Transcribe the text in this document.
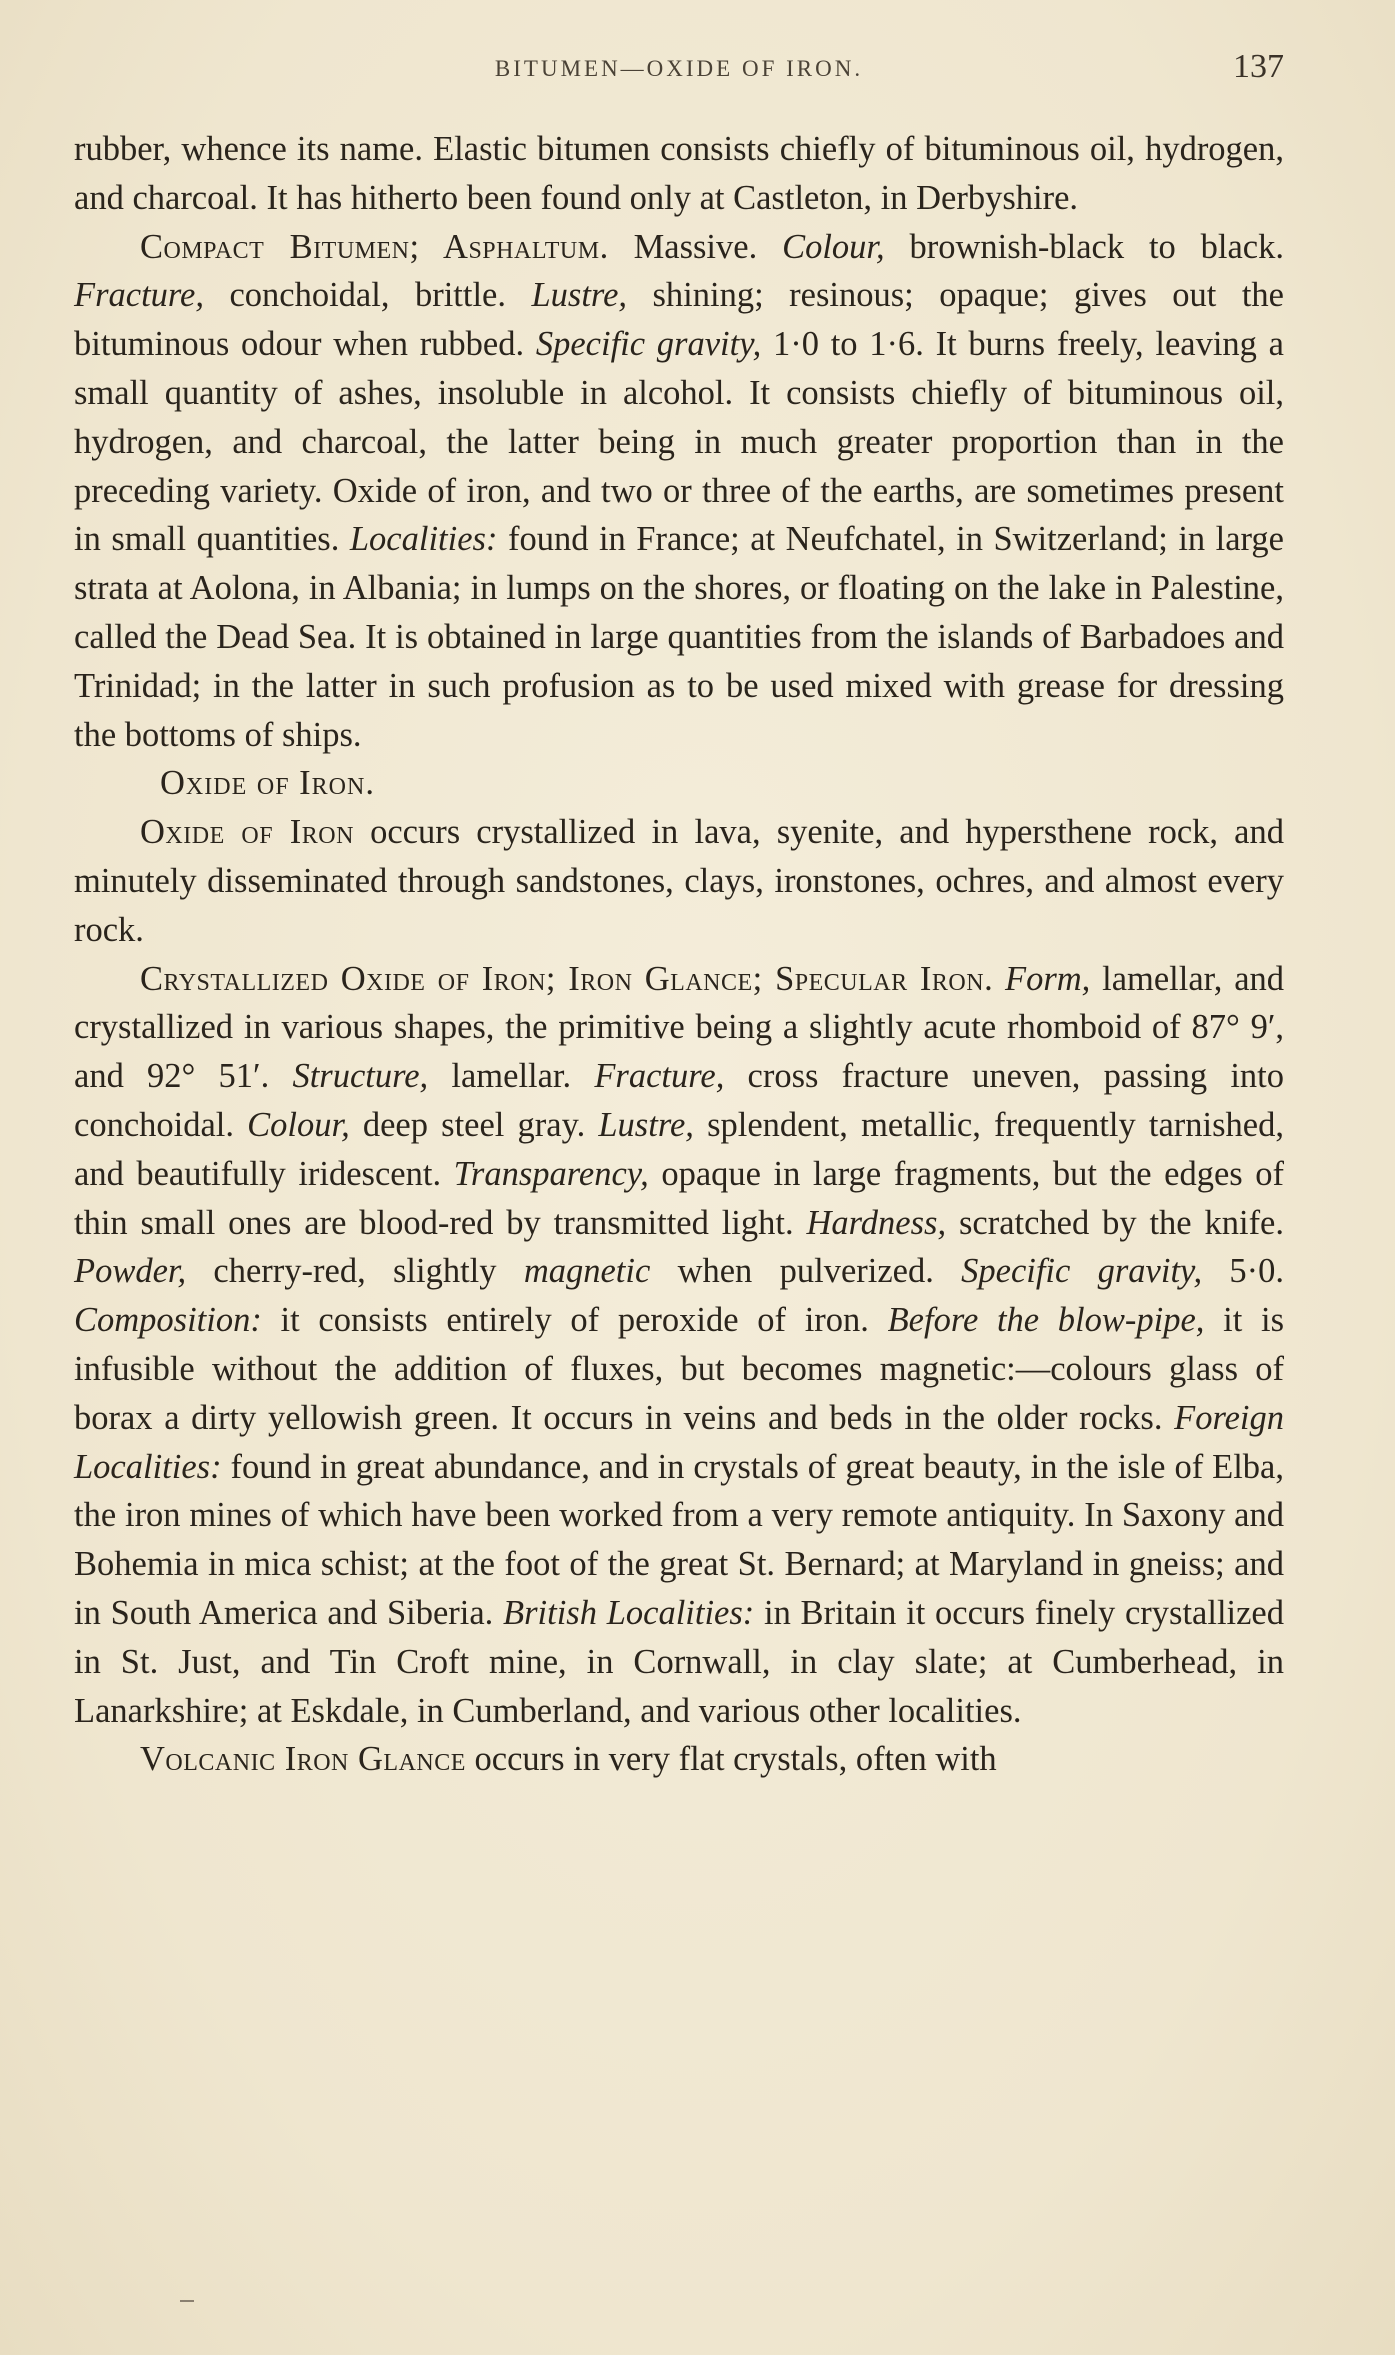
BITUMEN—OXIDE OF IRON.	137

rubber, whence its name. Elastic bitumen consists chiefly of bituminous oil, hydrogen, and charcoal. It has hitherto been found only at Castleton, in Derbyshire.

Compact Bitumen; Asphaltum. Massive. Colour, brownish-black to black. Fracture, conchoidal, brittle. Lustre, shining; resinous; opaque; gives out the bituminous odour when rubbed. Specific gravity, 1·0 to 1·6. It burns freely, leaving a small quantity of ashes, insoluble in alcohol. It consists chiefly of bituminous oil, hydrogen, and charcoal, the latter being in much greater proportion than in the preceding variety. Oxide of iron, and two or three of the earths, are sometimes present in small quantities. Localities: found in France; at Neufchatel, in Switzerland; in large strata at Aolona, in Albania; in lumps on the shores, or floating on the lake in Palestine, called the Dead Sea. It is obtained in large quantities from the islands of Barbadoes and Trinidad; in the latter in such profusion as to be used mixed with grease for dressing the bottoms of ships.

Oxide of Iron.

Oxide of Iron occurs crystallized in lava, syenite, and hypersthene rock, and minutely disseminated through sandstones, clays, ironstones, ochres, and almost every rock.

Crystallized Oxide of Iron; Iron Glance; Specular Iron. Form, lamellar, and crystallized in various shapes, the primitive being a slightly acute rhomboid of 87° 9′, and 92° 51′. Structure, lamellar. Fracture, cross fracture uneven, passing into conchoidal. Colour, deep steel gray. Lustre, splendent, metallic, frequently tarnished, and beautifully iridescent. Transparency, opaque in large fragments, but the edges of thin small ones are blood-red by transmitted light. Hardness, scratched by the knife. Powder, cherry-red, slightly magnetic when pulverized. Specific gravity, 5·0. Composition: it consists entirely of peroxide of iron. Before the blow-pipe, it is infusible without the addition of fluxes, but becomes magnetic:—colours glass of borax a dirty yellowish green. It occurs in veins and beds in the older rocks. Foreign Localities: found in great abundance, and in crystals of great beauty, in the isle of Elba, the iron mines of which have been worked from a very remote antiquity. In Saxony and Bohemia in mica schist; at the foot of the great St. Bernard; at Maryland in gneiss; and in South America and Siberia. British Localities: in Britain it occurs finely crystallized in St. Just, and Tin Croft mine, in Cornwall, in clay slate; at Cumberhead, in Lanarkshire; at Eskdale, in Cumberland, and various other localities.

Volcanic Iron Glance occurs in very flat crystals, often with
